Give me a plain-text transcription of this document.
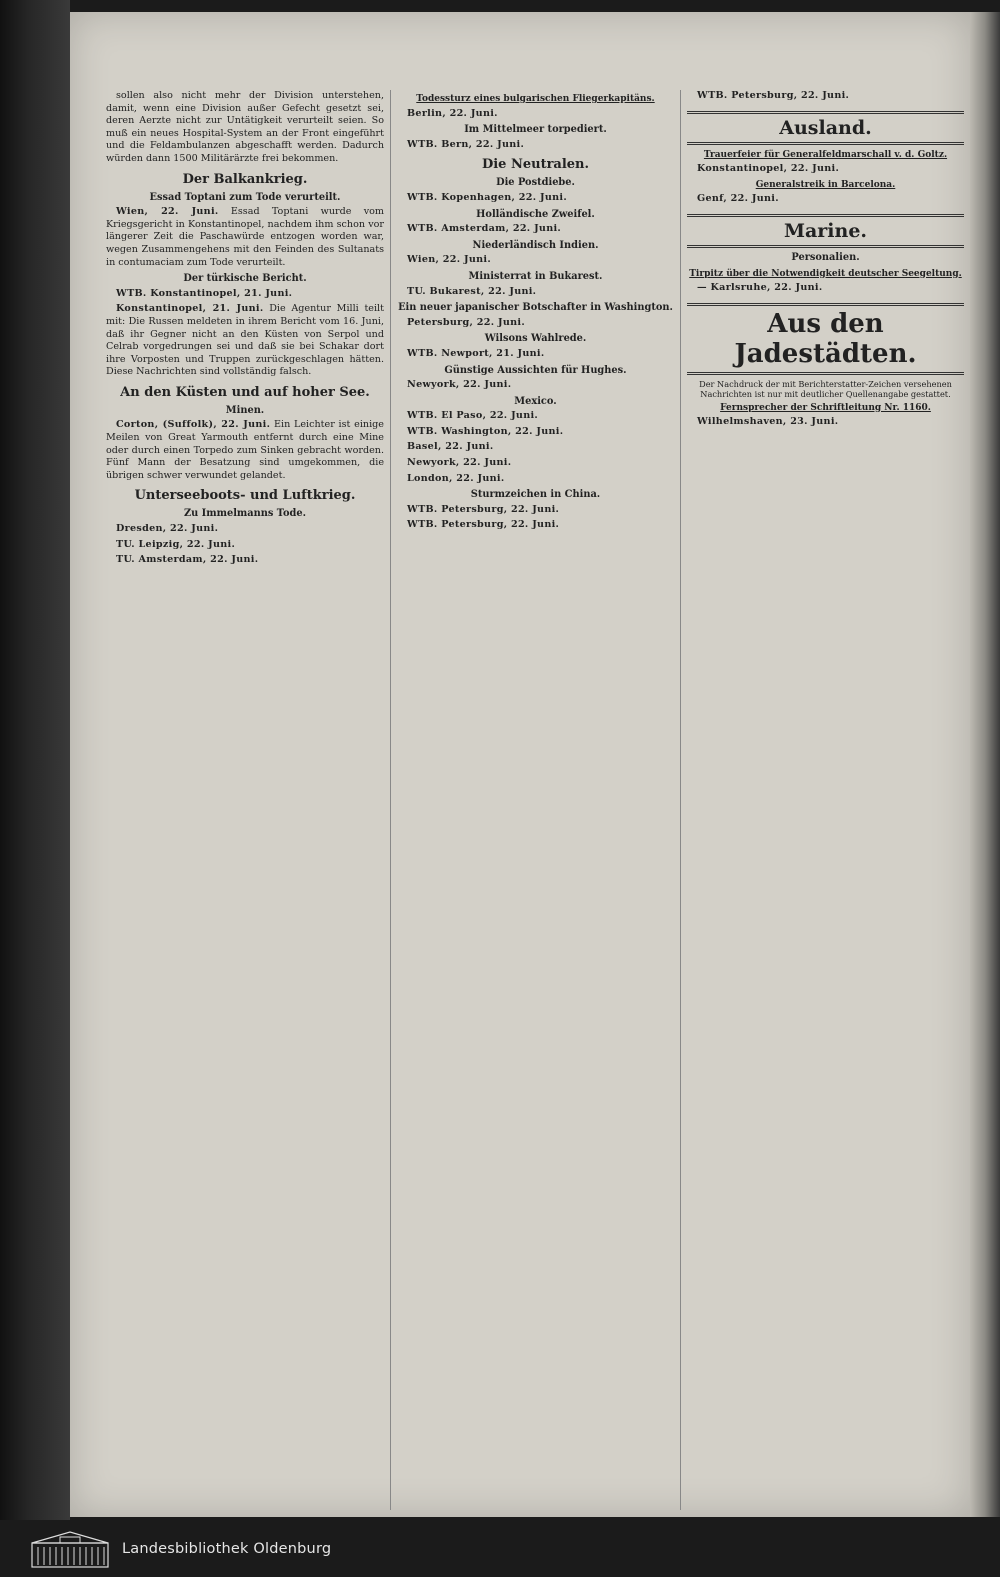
sollen also nicht mehr der Division unterstehen, damit, wenn eine Division außer Gefecht gesetzt sei, deren Aerzte nicht zur Untätigkeit verurteilt seien. So muß ein neues Hospital-System an der Front eingeführt und die Feldambulanzen abgeschafft werden. Dadurch würden dann 1500 Militärärzte frei bekommen.

Der Balkankrieg.
Essad Toptani zum Tode verurteilt.

Wien, 22. Juni. Essad Toptani wurde vom Kriegsgericht in Konstantinopel, nachdem ihm schon vor längerer Zeit die Paschawürde entzogen worden war, wegen Zusammengehens mit den Feinden des Sultanats in contumaciam zum Tode verurteilt.

Der türkische Bericht.

WTB. Konstantinopel, 21. Juni.

Konstantinopel, 21. Juni. Die Agentur Milli teilt mit: Die Russen meldeten in ihrem Bericht vom 16. Juni, daß ihr Gegner nicht an den Küsten von Serpol und Celrab vorgedrungen sei und daß sie bei Schakar dort ihre Vorposten und Truppen zurückgeschlagen hätten. Diese Nachrichten sind vollständig falsch.

An den Küsten und auf hoher See.
Minen.

Corton, (Suffolk), 22. Juni. Ein Leichter ist einige Meilen von Great Yarmouth entfernt durch eine Mine oder durch einen Torpedo zum Sinken gebracht worden. Fünf Mann der Besatzung sind umgekommen, die übrigen schwer verwundet gelandet.

Unterseeboots- und Luftkrieg.
Zu Immelmanns Tode.

Dresden, 22. Juni.

TU. Leipzig, 22. Juni.

TU. Amsterdam, 22. Juni.

Todessturz eines bulgarischen Fliegerkapitäns.

Berlin, 22. Juni.

Im Mittelmeer torpediert.

WTB. Bern, 22. Juni.

Die Neutralen.
Die Postdiebe.

WTB. Kopenhagen, 22. Juni.

Holländische Zweifel.

WTB. Amsterdam, 22. Juni.

Niederländisch Indien.

Wien, 22. Juni.

Ministerrat in Bukarest.

TU. Bukarest, 22. Juni.

Ein neuer japanischer Botschafter in Washington.

Petersburg, 22. Juni.

Wilsons Wahlrede.

WTB. Newport, 21. Juni.

Günstige Aussichten für Hughes.

Newyork, 22. Juni.

Mexico.

WTB. El Paso, 22. Juni.

WTB. Washington, 22. Juni.

Basel, 22. Juni.

Newyork, 22. Juni.

London, 22. Juni.

Sturmzeichen in China.

WTB. Petersburg, 22. Juni.

WTB. Petersburg, 22. Juni.

WTB. Petersburg, 22. Juni.

Ausland.
Trauerfeier für Generalfeldmarschall v. d. Goltz.

Konstantinopel, 22. Juni.

Generalstreik in Barcelona.

Genf, 22. Juni.

Marine.
Personalien.
Tirpitz über die Notwendigkeit deutscher Seegeltung.

— Karlsruhe, 22. Juni.

Aus den Jadestädten.
Der Nachdruck der mit Berichterstatter-Zeichen versehenen Nachrichten ist nur mit deutlicher Quellenangabe gestattet.
Fernsprecher der Schriftleitung Nr. 1160.

Wilhelmshaven, 23. Juni.

Landesbibliothek Oldenburg
